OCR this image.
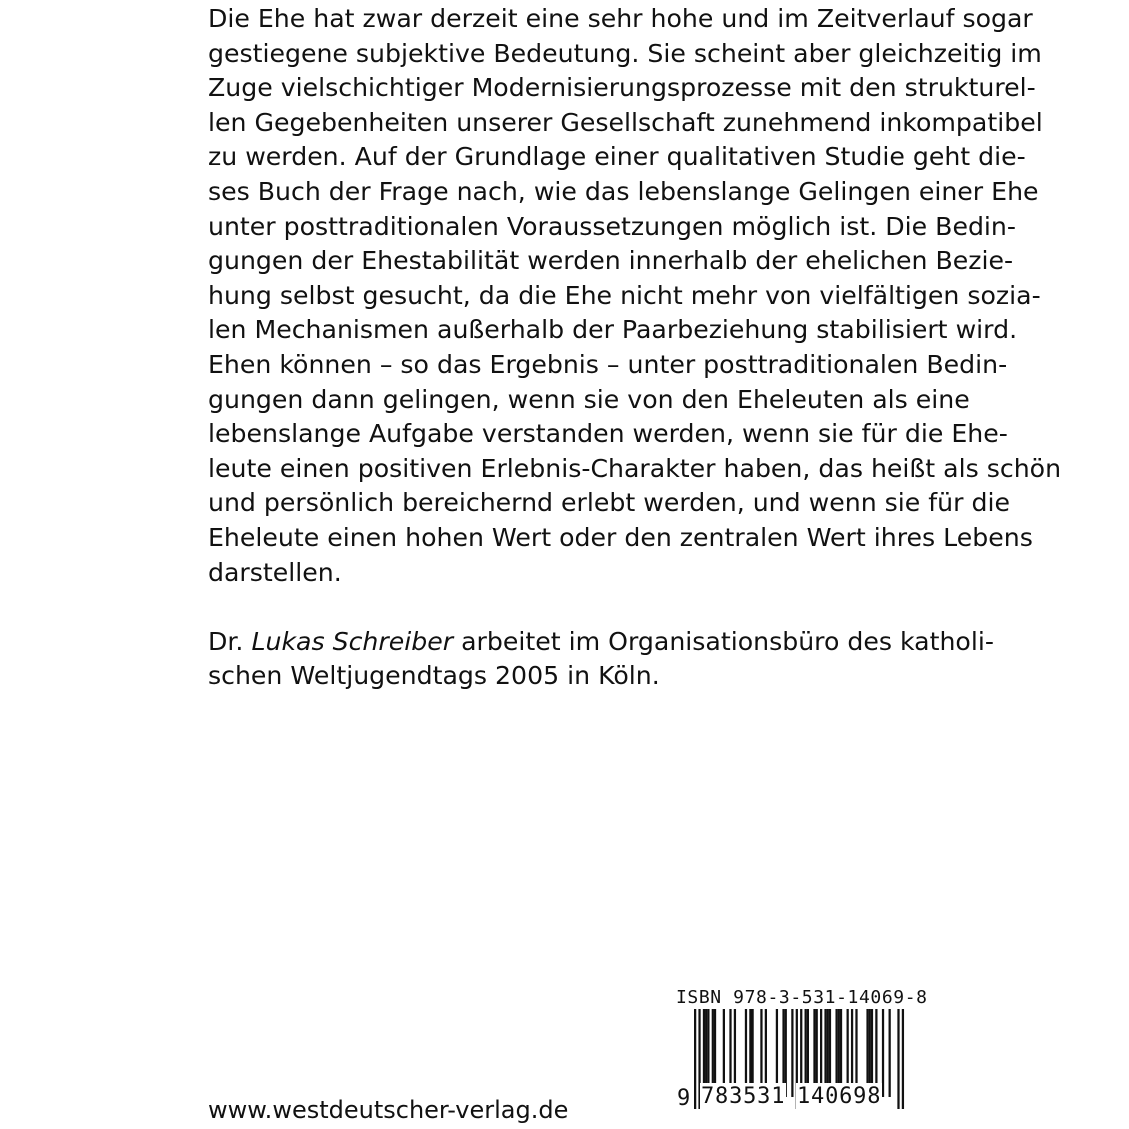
Die Ehe hat zwar derzeit eine sehr hohe und im Zeitverlauf sogar
gestiegene subjektive Bedeutung. Sie scheint aber gleichzeitig im
Zuge vielschichtiger Modernisierungsprozesse mit den strukturel-
len Gegebenheiten unserer Gesellschaft zunehmend inkompatibel
zu werden. Auf der Grundlage einer qualitativen Studie geht die-
ses Buch der Frage nach, wie das lebenslange Gelingen einer Ehe
unter posttraditionalen Voraussetzungen möglich ist. Die Bedin-
gungen der Ehestabilität werden innerhalb der ehelichen Bezie-
hung selbst gesucht, da die Ehe nicht mehr von vielfältigen sozia-
len Mechanismen außerhalb der Paarbeziehung stabilisiert wird.
Ehen können – so das Ergebnis – unter posttraditionalen Bedin-
gungen dann gelingen, wenn sie von den Eheleuten als eine
lebenslange Aufgabe verstanden werden, wenn sie für die Ehe-
leute einen positiven Erlebnis-Charakter haben, das heißt als schön
und persönlich bereichernd erlebt werden, und wenn sie für die
Eheleute einen hohen Wert oder den zentralen Wert ihres Lebens
darstellen.
Dr. Lukas Schreiber arbeitet im Organisationsbüro des katholi-
schen Weltjugendtags 2005 in Köln.
www.westdeutscher-verlag.de
ISBN 978-3-531-14069-8
9 783531 140698
